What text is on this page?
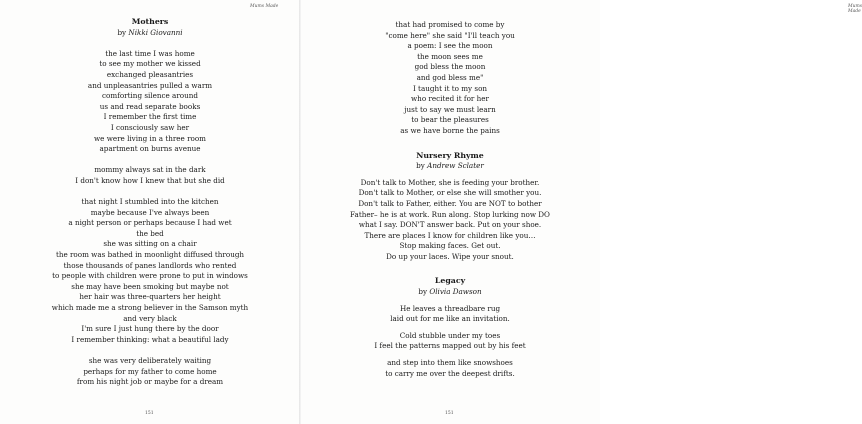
Mums Made
Mothers
by Nikki Giovanni
the last time I was home
to see my mother we kissed
exchanged pleasantries
and unpleasantries pulled a warm
comforting silence around
us and read separate books
I remember the first time
I consciously saw her
we were living in a three room
apartment on burns avenue
mommy always sat in the dark
I don't know how I knew that but she did
that night I stumbled into the kitchen
maybe because I've always been
a night person or perhaps because I had wet
the bed
she was sitting on a chair
the room was bathed in moonlight diffused through
those thousands of panes landlords who rented
to people with children were prone to put in windows
she may have been smoking but maybe not
her hair was three-quarters her height
which made me a strong believer in the Samson myth
and very black
I'm sure I just hung there by the door
I remember thinking: what a beautiful lady
she was very deliberately waiting
perhaps for my father to come home
from his night job or maybe for a dream
151
Mums Made
that had promised to come by
"come here" she said "I'll teach you
a poem: I see the moon
the moon sees me
god bless the moon
and god bless me"
I taught it to my son
who recited it for her
just to say we must learn
to bear the pleasures
as we have borne the pains
Nursery Rhyme
by Andrew Sclater
Don't talk to Mother, she is feeding your brother.
Don't talk to Mother, or else she will smother you.
Don't talk to Father, either. You are NOT to bother
Father– he is at work. Run along. Stop lurking now DO
what I say. DON'T answer back. Put on your shoe.
There are places I know for children like you…
Stop making faces. Get out.
Do up your laces. Wipe your snout.
Legacy
by Olivia Dawson
He leaves a threadbare rug
laid out for me like an invitation.
Cold stubble under my toes
I feel the patterns mapped out by his feet
and step into them like snowshoes
to carry me over the deepest drifts.
151
